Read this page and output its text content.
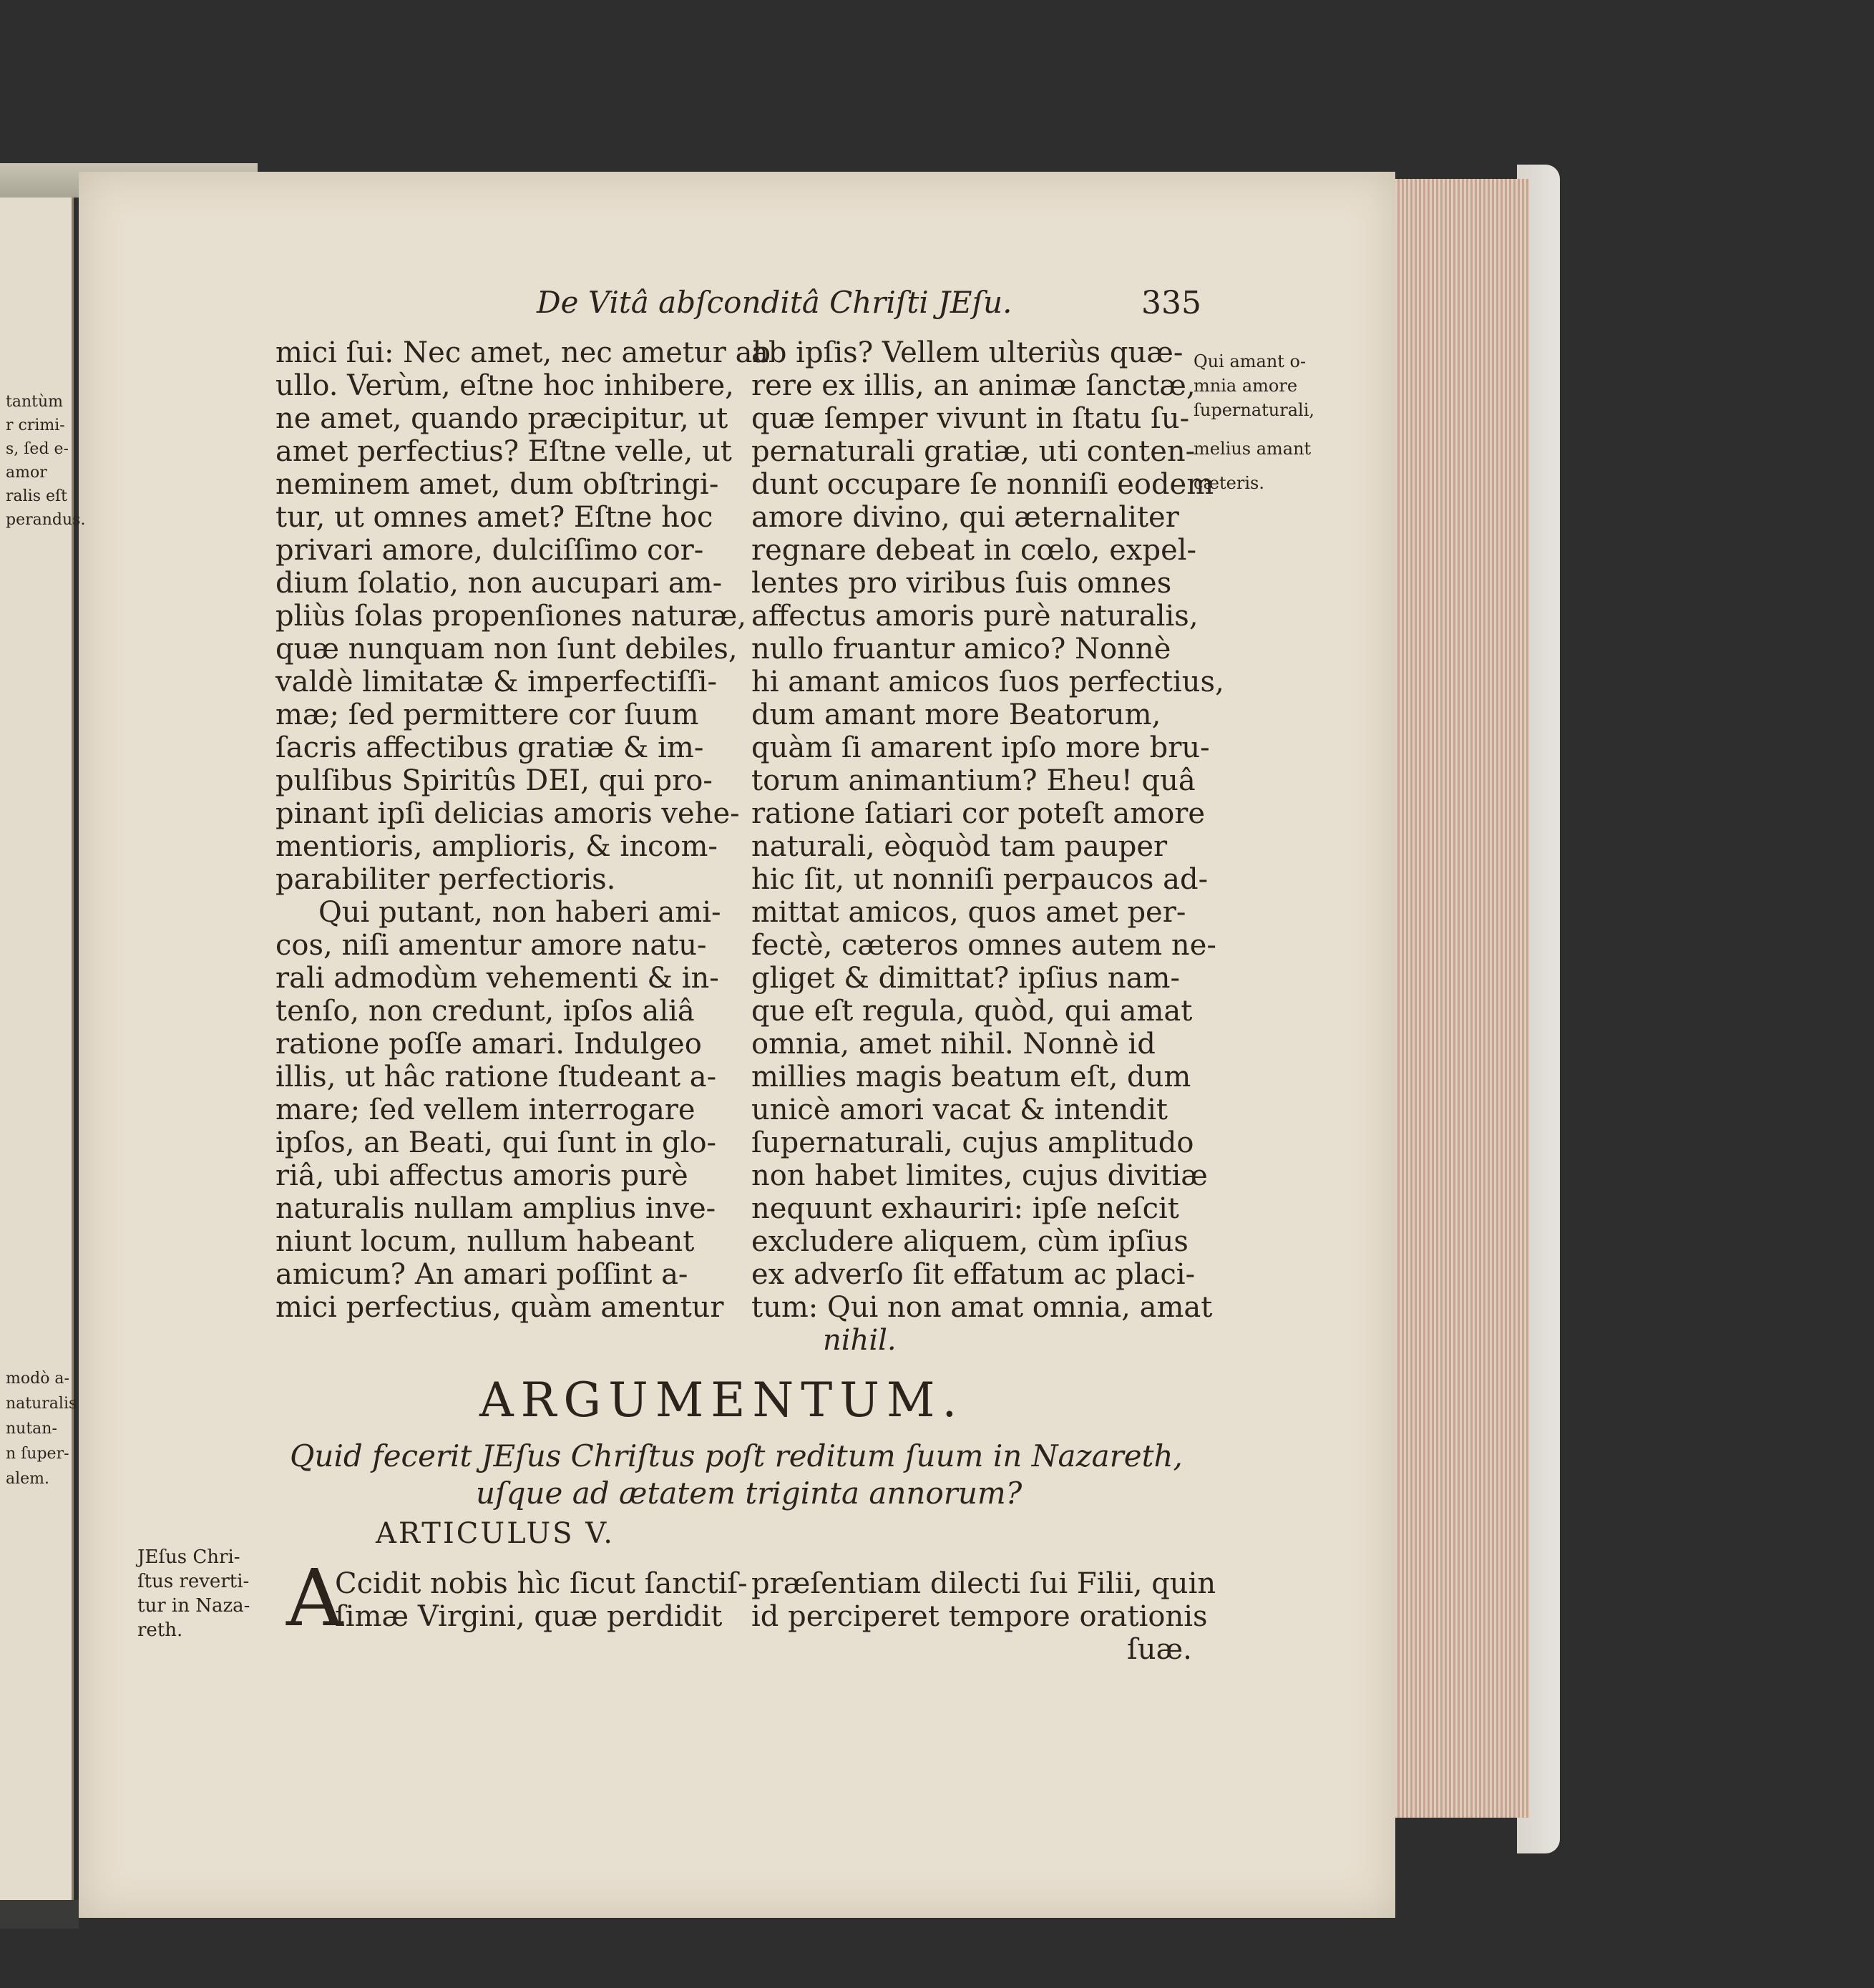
tantùm
r crimi-
s, ſed e-
amor
ralis eſt
perandus.
modò a-
naturalis
nutan-
n ſuper-
alem.
De Vitâ abſconditâ Chriſti JEſu.	335
mici ſui: Nec amet, nec ametur ab
ullo. Verùm, eſtne hoc inhibere,
ne amet, quando præcipitur, ut
amet perfectius? Eſtne velle, ut
neminem amet, dum obſtringi-
tur, ut omnes amet? Eſtne hoc
privari amore, dulciſſimo cor-
dium ſolatio, non aucupari am-
pliùs ſolas propenſiones naturæ,
quæ nunquam non ſunt debiles,
valdè limitatæ & imperfectiſſi-
mæ; ſed permittere cor ſuum
ſacris affectibus gratiæ & im-
pulſibus Spiritûs DEI, qui pro-
pinant ipſi delicias amoris vehe-
mentioris, amplioris, & incom-
parabiliter perfectioris.
Qui putant, non haberi ami-
cos, niſi amentur amore natu-
rali admodùm vehementi & in-
tenſo, non credunt, ipſos aliâ
ratione poſſe amari. Indulgeo
illis, ut hâc ratione ſtudeant a-
mare; ſed vellem interrogare
ipſos, an Beati, qui ſunt in glo-
riâ, ubi affectus amoris purè
naturalis nullam amplius inve-
niunt locum, nullum habeant
amicum? An amari poſſint a-
mici perfectius, quàm amentur
ab ipſis? Vellem ulteriùs quæ-
rere ex illis, an animæ ſanctæ,
quæ ſemper vivunt in ſtatu ſu-
pernaturali gratiæ, uti conten-
dunt occupare ſe nonniſi eodem
amore divino, qui æternaliter
regnare debeat in cœlo, expel-
lentes pro viribus ſuis omnes
affectus amoris purè naturalis,
nullo fruantur amico? Nonnè
hi amant amicos ſuos perfectius,
dum amant more Beatorum,
quàm ſi amarent ipſo more bru-
torum animantium? Eheu! quâ
ratione ſatiari cor poteſt amore
naturali, eòquòd tam pauper
hic ſit, ut nonniſi perpaucos ad-
mittat amicos, quos amet per-
fectè, cæteros omnes autem ne-
gliget & dimittat? ipſius nam-
que eſt regula, quòd, qui amat
omnia, amet nihil. Nonnè id
millies magis beatum eſt, dum
unicè amori vacat & intendit
ſupernaturali, cujus amplitudo
non habet limites, cujus divitiæ
nequunt exhauriri: ipſe neſcit
excludere aliquem, cùm ipſius
ex adverſo ſit effatum ac placi-
tum: Qui non amat omnia, amat
nihil.
Qui amant o-
mnia amore
ſupernaturali,
melius amant
cæteris.
ARGUMENTUM.
Quid fecerit JEſus Chriſtus poſt reditum ſuum in Nazareth,
uſque ad ætatem triginta annorum?
ARTICULUS V.
JEſus Chri-
ſtus reverti-
tur in Naza-
reth. A
Ccidit nobis hìc ſicut ſanctiſ-
ſimæ Virgini, quæ perdidit
præſentiam dilecti ſui Filii, quin
id perciperet tempore orationis
ſuæ.
